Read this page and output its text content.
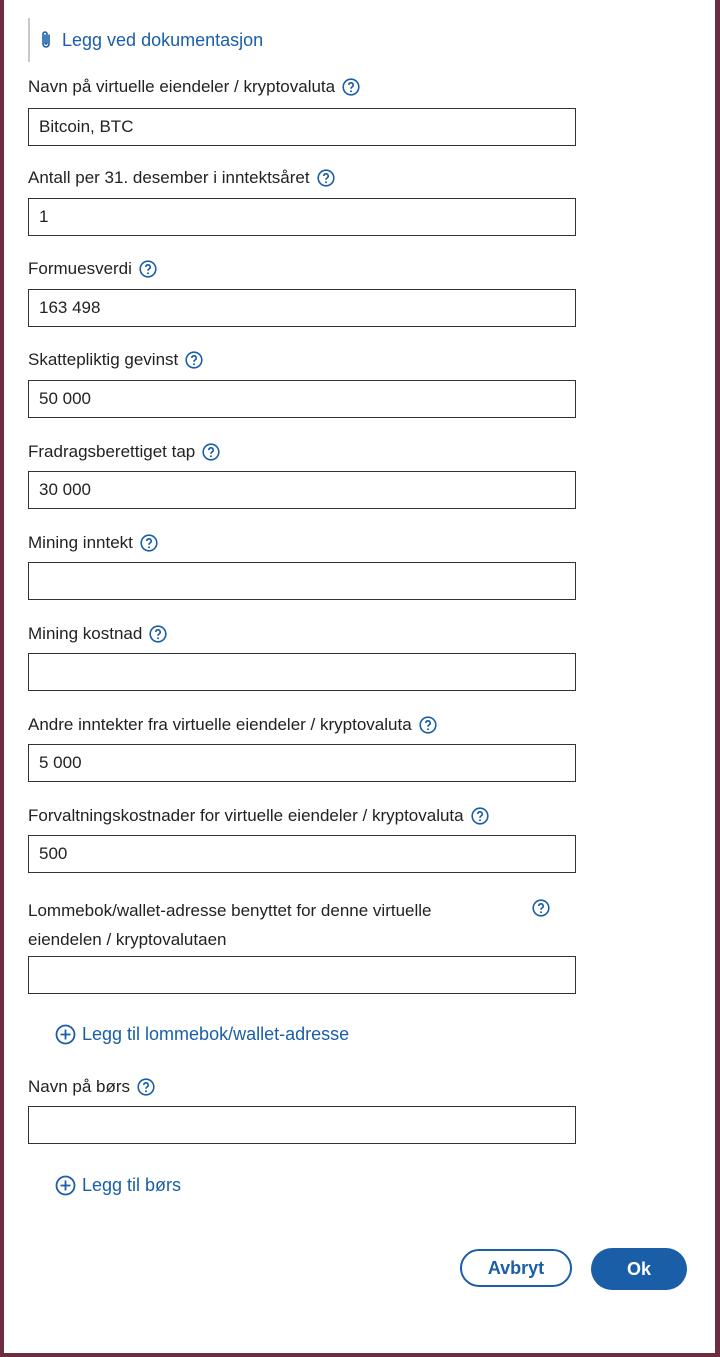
Legg ved dokumentasjon
Navn på virtuelle eiendeler / kryptovaluta
Bitcoin, BTC
Antall per 31. desember i inntektsåret
1
Formuesverdi
163 498
Skattepliktig gevinst
50 000
Fradragsberettiget tap
30 000
Mining inntekt
Mining kostnad
Andre inntekter fra virtuelle eiendeler / kryptovaluta
5 000
Forvaltningskostnader for virtuelle eiendeler / kryptovaluta
500
Lommebok/wallet-adresse benyttet for denne virtuelle eiendelen / kryptovalutaen
Legg til lommebok/wallet-adresse
Navn på børs
Legg til børs
Avbryt	Ok
